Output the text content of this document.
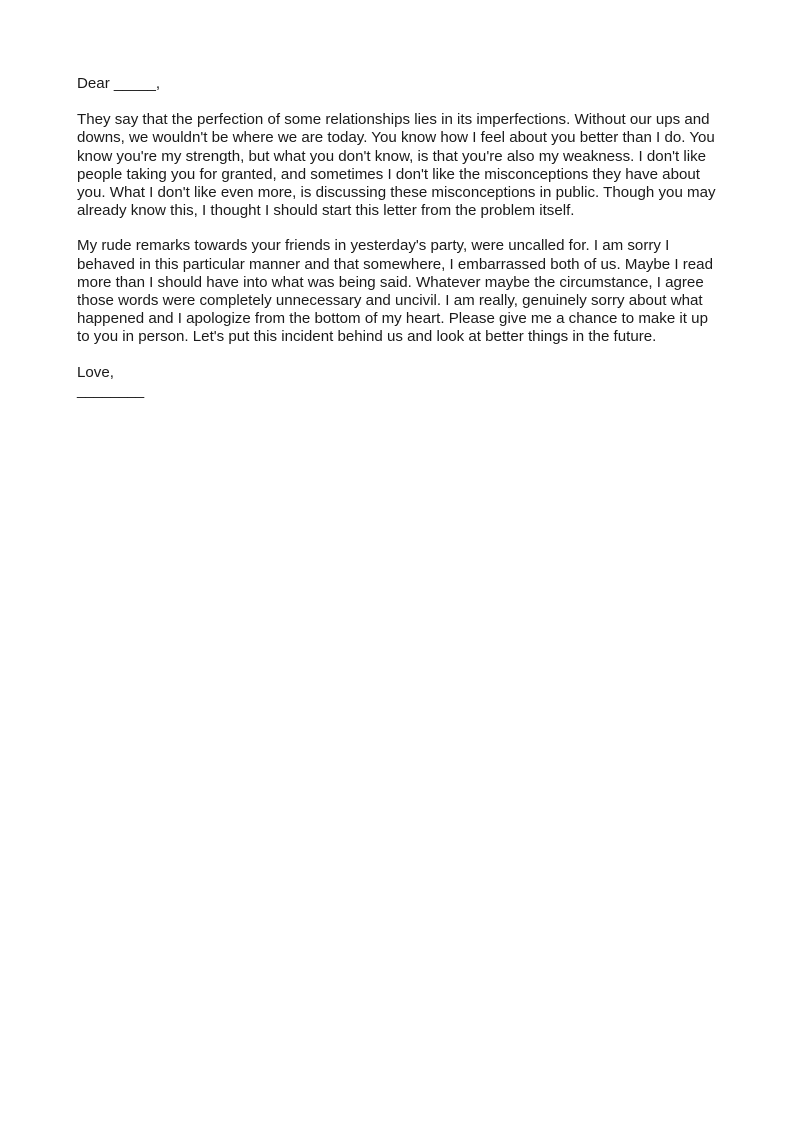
Dear _____,

They say that the perfection of some relationships lies in its imperfections. Without our ups and downs, we wouldn't be where we are today. You know how I feel about you better than I do. You know you're my strength, but what you don't know, is that you're also my weakness. I don't like people taking you for granted, and sometimes I don't like the misconceptions they have about you. What I don't like even more, is discussing these misconceptions in public. Though you may already know this, I thought I should start this letter from the problem itself.

My rude remarks towards your friends in yesterday's party, were uncalled for. I am sorry I behaved in this particular manner and that somewhere, I embarrassed both of us. Maybe I read more than I should have into what was being said. Whatever maybe the circumstance, I agree those words were completely unnecessary and uncivil. I am really, genuinely sorry about what happened and I apologize from the bottom of my heart. Please give me a chance to make it up to you in person. Let's put this incident behind us and look at better things in the future.

Love,

________
